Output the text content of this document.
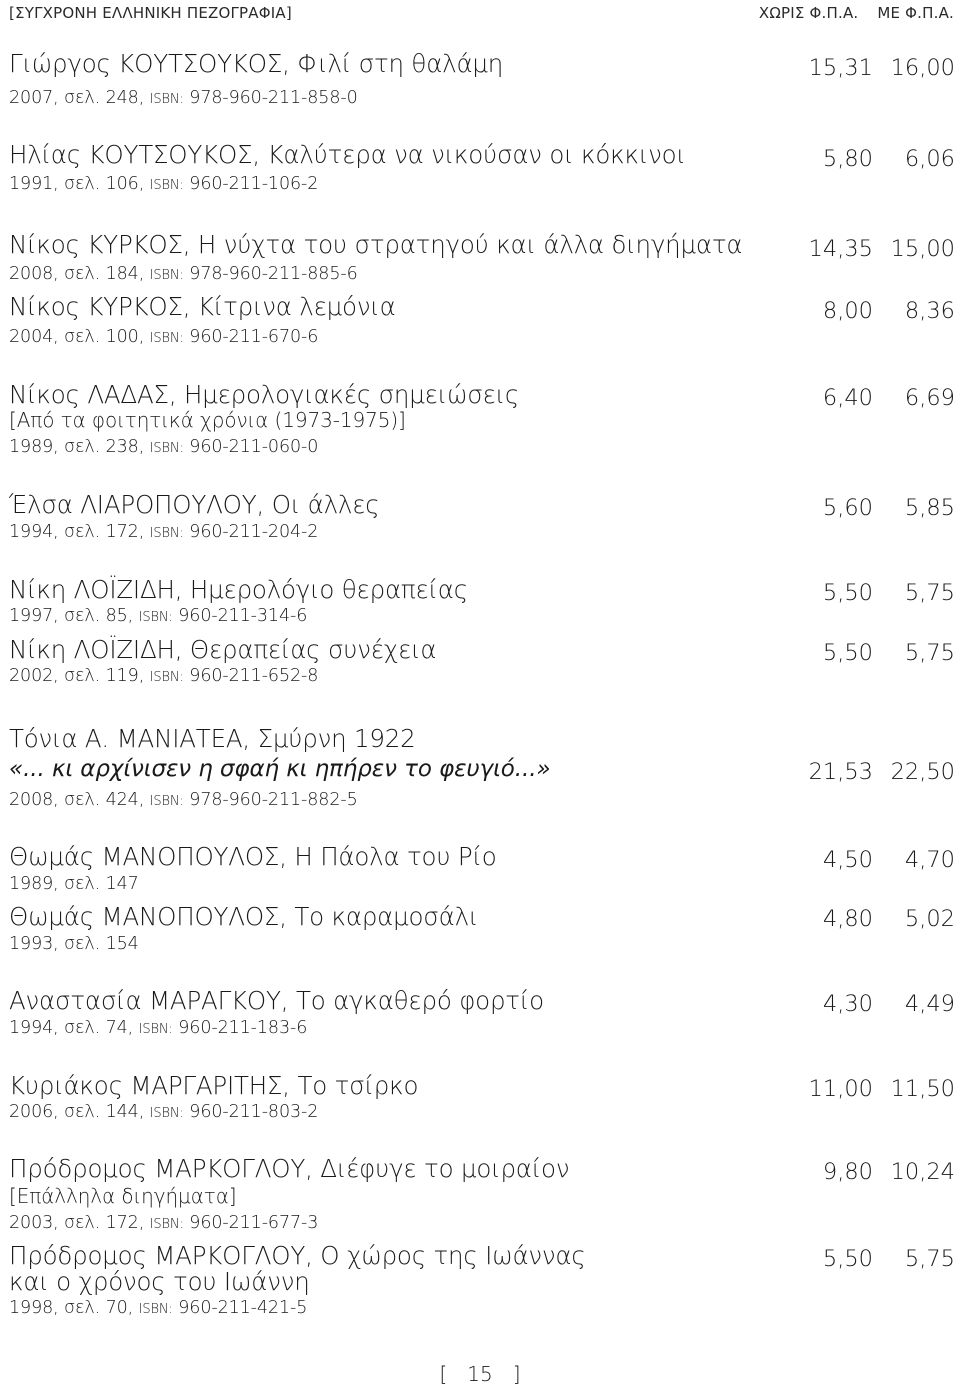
[ΣΥΓΧΡΟΝΗ ΕΛΛΗΝΙΚΗ ΠΕΖΟΓΡΑΦΙΑ]	ΧΩΡΙΣ Φ.Π.Α. ΜΕ Φ.Π.Α.
Γιώργος ΚΟΥΤΣΟΥΚΟΣ, Φιλί στη θαλάμη	15,31 16,00
2007, σελ. 248, ISBN: 978-960-211-858-0
Ηλίας ΚΟΥΤΣΟΥΚΟΣ, Καλύτερα να νικούσαν οι κόκκινοι	5,80 6,06
1991, σελ. 106, ISBN: 960-211-106-2
Νίκος ΚΥΡΚΟΣ, Η νύχτα του στρατηγού και άλλα διηγήματα	14,35 15,00
2008, σελ. 184, ISBN: 978-960-211-885-6
Νίκος ΚΥΡΚΟΣ, Κίτρινα λεμόνια	8,00 8,36
2004, σελ. 100, ISBN: 960-211-670-6
Νίκος ΛΑΔΑΣ, Ημερολογιακές σημειώσεις	6,40 6,69
[Από τα φοιτητικά χρόνια (1973-1975)]
1989, σελ. 238, ISBN: 960-211-060-0
Έλσα ΛΙΑΡΟΠΟΥΛΟΥ, Οι άλλες	5,60 5,85
1994, σελ. 172, ISBN: 960-211-204-2
Νίκη ΛΟΪΖΙΔΗ, Ημερολόγιο θεραπείας	5,50 5,75
1997, σελ. 85, ISBN: 960-211-314-6
Νίκη ΛΟΪΖΙΔΗ, Θεραπείας συνέχεια	5,50 5,75
2002, σελ. 119, ISBN: 960-211-652-8
Τόνια Α. ΜΑΝΙΑΤΕΑ, Σμύρνη 1922
«... κι αρχίνισεν η σφαή κι ηπήρεν το φευγιό...»	21,53 22,50
2008, σελ. 424, ISBN: 978-960-211-882-5
Θωμάς ΜΑΝΟΠΟΥΛΟΣ, Η Πάολα του Ρίο	4,50 4,70
1989, σελ. 147
Θωμάς ΜΑΝΟΠΟΥΛΟΣ, Το καραμοσάλι	4,80 5,02
1993, σελ. 154
Αναστασία ΜΑΡΑΓΚΟΥ, Το αγκαθερό φορτίο	4,30 4,49
1994, σελ. 74, ISBN: 960-211-183-6
Κυριάκος ΜΑΡΓΑΡΙΤΗΣ, Το τσίρκο	11,00 11,50
2006, σελ. 144, ISBN: 960-211-803-2
Πρόδρομος ΜΑΡΚΟΓΛΟΥ, Διέφυγε το μοιραίον	9,80 10,24
[Επάλληλα διηγήματα]
2003, σελ. 172, ISBN: 960-211-677-3
Πρόδρομος ΜΑΡΚΟΓΛΟΥ, Ο χώρος της Ιωάννας	5,50 5,75
και ο χρόνος του Ιωάννη
1998, σελ. 70, ISBN: 960-211-421-5
[ 15 ]
